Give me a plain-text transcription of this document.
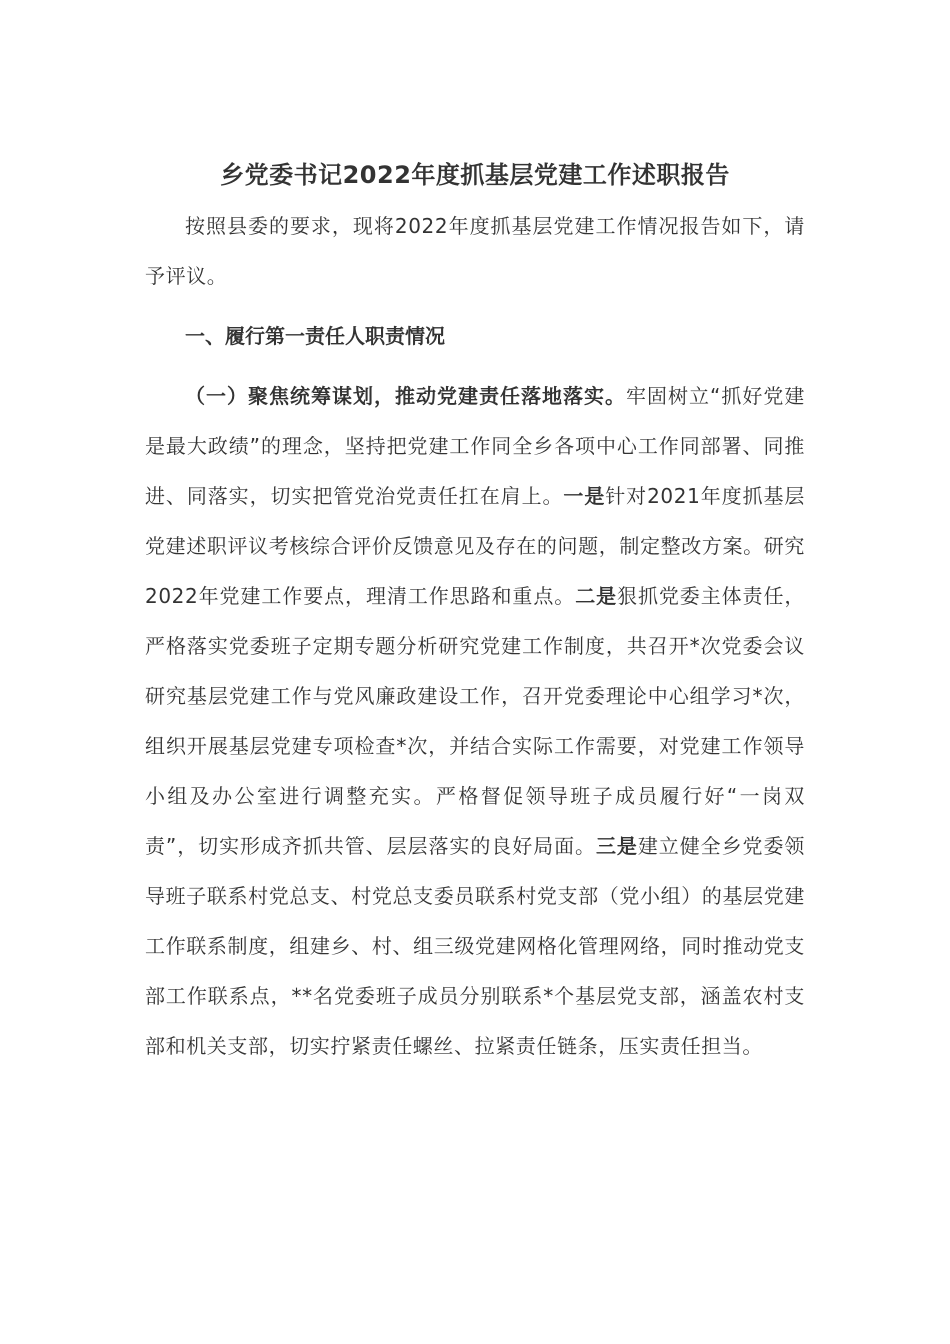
乡党委书记2022年度抓基层党建工作述职报告

按照县委的要求，现将2022年度抓基层党建工作情况报告如下，请予评议。

一、履行第一责任人职责情况

（一）聚焦统筹谋划，推动党建责任落地落实。牢固树立“抓好党建是最大政绩”的理念，坚持把党建工作同全乡各项中心工作同部署、同推进、同落实，切实把管党治党责任扛在肩上。一是针对2021年度抓基层党建述职评议考核综合评价反馈意见及存在的问题，制定整改方案。研究2022年党建工作要点，理清工作思路和重点。二是狠抓党委主体责任，严格落实党委班子定期专题分析研究党建工作制度，共召开*次党委会议研究基层党建工作与党风廉政建设工作，召开党委理论中心组学习*次，组织开展基层党建专项检查*次，并结合实际工作需要，对党建工作领导小组及办公室进行调整充实。严格督促领导班子成员履行好“一岗双责”，切实形成齐抓共管、层层落实的良好局面。三是建立健全乡党委领导班子联系村党总支、村党总支委员联系村党支部（党小组）的基层党建工作联系制度，组建乡、村、组三级党建网格化管理网络，同时推动党支部工作联系点，**名党委班子成员分别联系*个基层党支部，涵盖农村支部和机关支部，切实拧紧责任螺丝、拉紧责任链条，压实责任担当。
